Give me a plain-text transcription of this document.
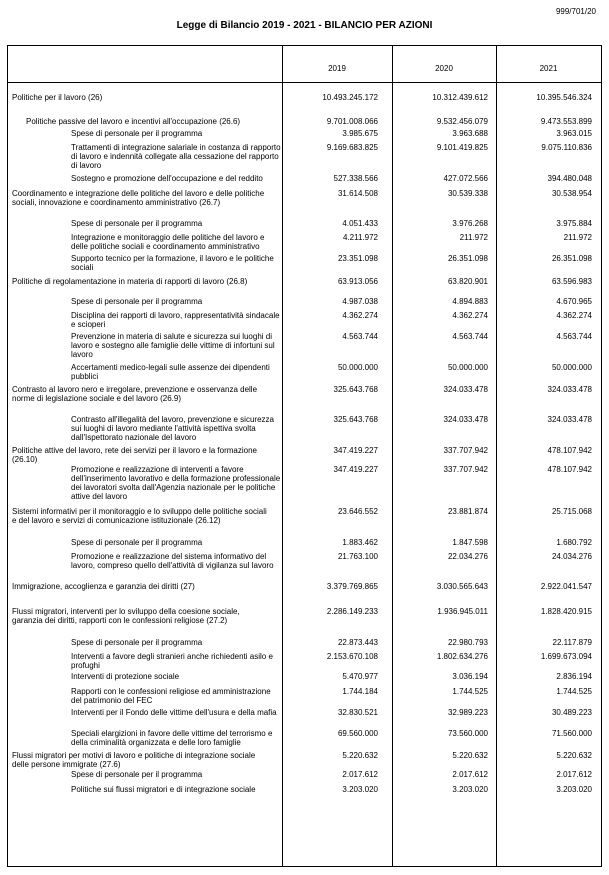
999/701/20
Legge di Bilancio 2019 - 2021 - BILANCIO PER AZIONI
2019	2020	2021
Politiche per il lavoro (26)	10.493.245.172	10.312.439.612	10.395.546.324
Politiche passive del lavoro e incentivi all'occupazione (26.6)	9.701.008.066	9.532.456.079	9.473.553.899
Spese di personale per il programma	3.985.675	3.963.688	3.963.015
Trattamenti di integrazione salariale in costanza di rapporto di lavoro e indennità collegate alla cessazione del rapporto di lavoro
9.169.683.825	9.101.419.825	9.075.110.836
Sostegno e promozione dell'occupazione e del reddito	527.338.566	427.072.566	394.480.048
Coordinamento e integrazione delle politiche del lavoro e delle politiche sociali, innovazione e coordinamento amministrativo (26.7)
31.614.508	30.539.338	30.538.954
Spese di personale per il programma	4.051.433	3.976.268	3.975.884
Integrazione e monitoraggio delle politiche del lavoro e delle politiche sociali e coordinamento amministrativo
4.211.972	211.972	211.972
Supporto tecnico per la formazione, il lavoro e le politiche sociali
23.351.098	26.351.098	26.351.098
Politiche di regolamentazione in materia di rapporti di lavoro (26.8)	63.913.056	63.820.901	63.596.983
Spese di personale per il programma	4.987.038	4.894.883	4.670.965
Disciplina dei rapporti di lavoro, rappresentatività sindacale e scioperi
4.362.274	4.362.274	4.362.274
Prevenzione in materia di salute e sicurezza sui luoghi di lavoro e sostegno alle famiglie delle vittime di infortuni sul lavoro
4.563.744	4.563.744	4.563.744
Accertamenti medico-legali sulle assenze dei dipendenti pubblici
50.000.000	50.000.000	50.000.000
Contrasto al lavoro nero e irregolare, prevenzione e osservanza delle norme di legislazione sociale e del lavoro (26.9)
325.643.768	324.033.478	324.033.478
Contrasto all'illegalità del lavoro, prevenzione e sicurezza sui luoghi di lavoro mediante l'attività ispettiva svolta dall'Ispettorato nazionale del lavoro
325.643.768	324.033.478	324.033.478
Politiche attive del lavoro, rete dei servizi per il lavoro e la formazione (26.10)
347.419.227	337.707.942	478.107.942
Promozione e realizzazione di interventi a favore dell'inserimento lavorativo e della formazione professionale dei lavoratori svolta dall'Agenzia nazionale per le politiche attive del lavoro
347.419.227	337.707.942	478.107.942
Sistemi informativi per il monitoraggio e lo sviluppo delle politiche sociali e del lavoro e servizi di comunicazione istituzionale (26.12)
23.646.552	23.881.874	25.715.068
Spese di personale per il programma	1.883.462	1.847.598	1.680.792
Promozione e realizzazione del sistema informativo del lavoro, compreso quello dell'attività di vigilanza sul lavoro
21.763.100	22.034.276	24.034.276
Immigrazione, accoglienza e garanzia dei diritti (27)	3.379.769.865	3.030.565.643	2.922.041.547
Flussi migratori, interventi per lo sviluppo della coesione sociale, garanzia dei diritti, rapporti con le confessioni religiose (27.2)
2.286.149.233	1.936.945.011	1.828.420.915
Spese di personale per il programma	22.873.443	22.980.793	22.117.879
Interventi a favore degli stranieri anche richiedenti asilo e profughi
2.153.670.108	1.802.634.276	1.699.673.094
Interventi di protezione sociale	5.470.977	3.036.194	2.836.194
Rapporti con le confessioni religiose ed amministrazione del patrimonio del FEC
1.744.184	1.744.525	1.744.525
Interventi per il Fondo delle vittime dell'usura e della mafia	32.830.521	32.989.223	30.489.223
Speciali elargizioni in favore delle vittime del terrorismo e della criminalità organizzata e delle loro famiglie
69.560.000	73.560.000	71.560.000
Flussi migratori per motivi di lavoro e politiche di integrazione sociale delle persone immigrate (27.6)
5.220.632	5.220.632	5.220.632
Spese di personale per il programma	2.017.612	2.017.612	2.017.612
Politiche sui flussi migratori e di integrazione sociale	3.203.020	3.203.020	3.203.020
